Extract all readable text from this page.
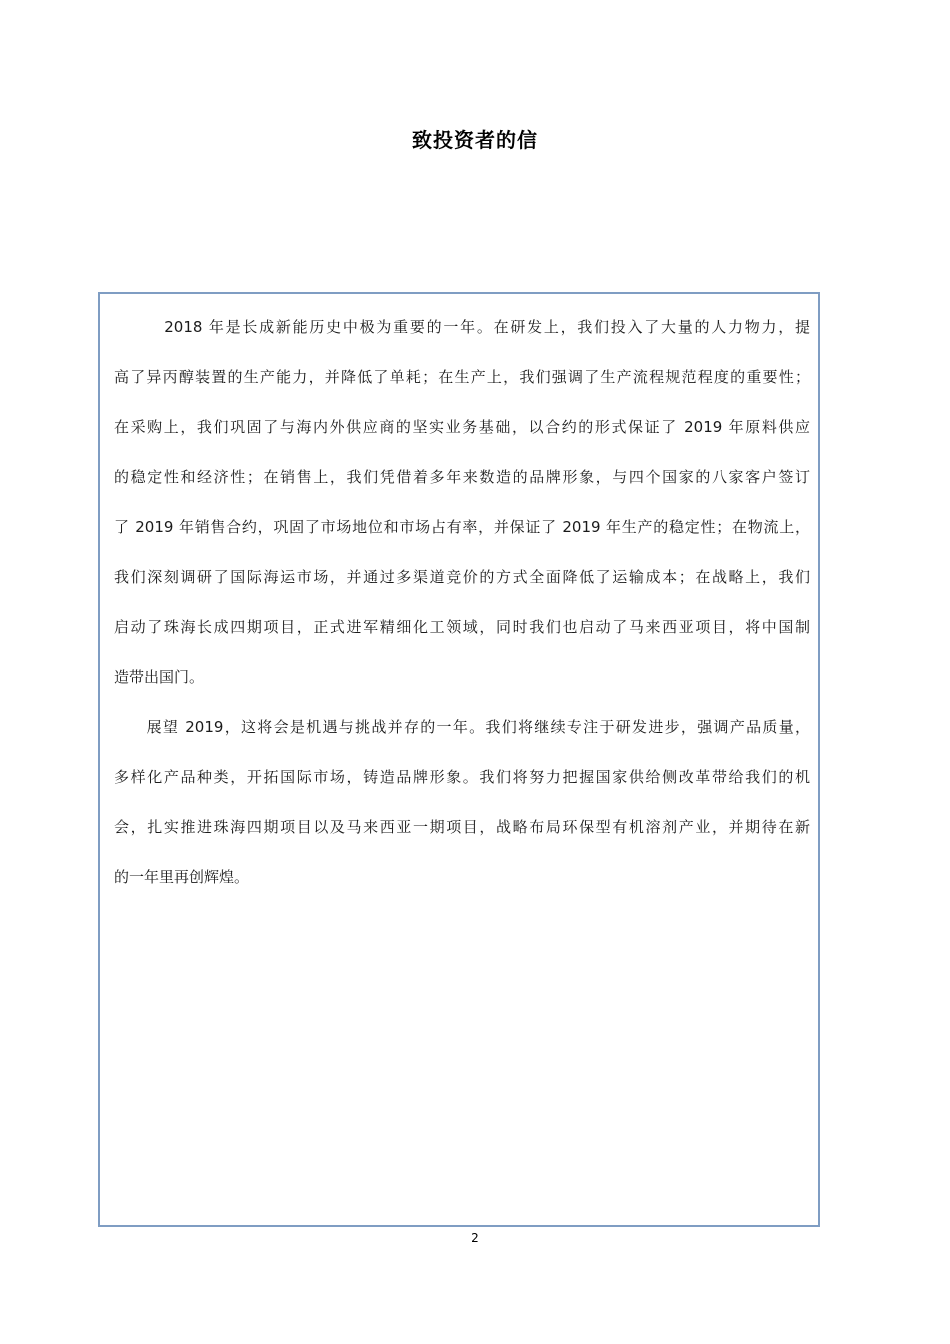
致投资者的信

　　　2018 年是长成新能历史中极为重要的一年。在研发上，我们投入了大量的人力物力，提
高了异丙醇装置的生产能力，并降低了单耗；在生产上，我们强调了生产流程规范程度的重要性；
在采购上，我们巩固了与海内外供应商的坚实业务基础，以合约的形式保证了 2019 年原料供应
的稳定性和经济性；在销售上，我们凭借着多年来数造的品牌形象，与四个国家的八家客户签订
了 2019 年销售合约，巩固了市场地位和市场占有率，并保证了 2019 年生产的稳定性；在物流上，
我们深刻调研了国际海运市场，并通过多渠道竞价的方式全面降低了运输成本；在战略上，我们
启动了珠海长成四期项目，正式进军精细化工领域，同时我们也启动了马来西亚项目，将中国制
造带出国门。

　　展望 2019，这将会是机遇与挑战并存的一年。我们将继续专注于研发进步，强调产品质量，
多样化产品种类，开拓国际市场，铸造品牌形象。我们将努力把握国家供给侧改革带给我们的机
会，扎实推进珠海四期项目以及马来西亚一期项目，战略布局环保型有机溶剂产业，并期待在新
的一年里再创辉煌。

2
